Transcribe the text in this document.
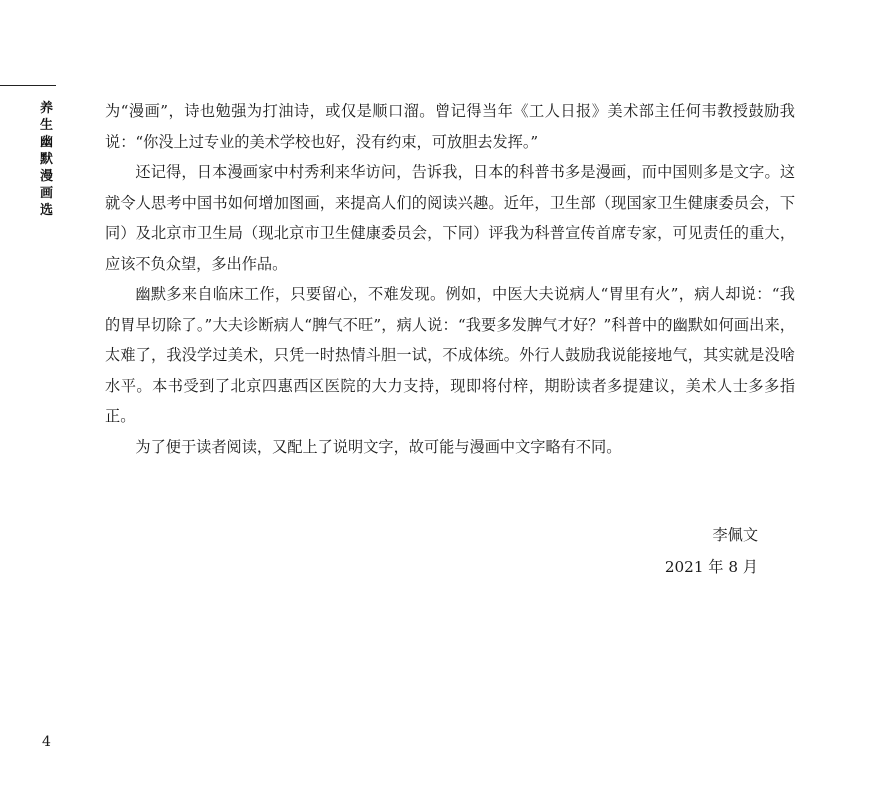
养生幽默漫画选

为“漫画”，诗也勉强为打油诗，或仅是顺口溜。曾记得当年《工人日报》美术部主任何韦教授鼓励我说：“你没上过专业的美术学校也好，没有约束，可放胆去发挥。”

还记得，日本漫画家中村秀利来华访问，告诉我，日本的科普书多是漫画，而中国则多是文字。这就令人思考中国书如何增加图画，来提高人们的阅读兴趣。近年，卫生部（现国家卫生健康委员会，下同）及北京市卫生局（现北京市卫生健康委员会，下同）评我为科普宣传首席专家，可见责任的重大，应该不负众望，多出作品。

幽默多来自临床工作，只要留心，不难发现。例如，中医大夫说病人“胃里有火”，病人却说：“我的胃早切除了。”大夫诊断病人“脾气不旺”，病人说：“我要多发脾气才好？”科普中的幽默如何画出来，太难了，我没学过美术，只凭一时热情斗胆一试，不成体统。外行人鼓励我说能接地气，其实就是没啥水平。本书受到了北京四惠西区医院的大力支持，现即将付梓，期盼读者多提建议，美术人士多多指正。

为了便于读者阅读，又配上了说明文字，故可能与漫画中文字略有不同。

李佩文
2021 年 8 月
4
